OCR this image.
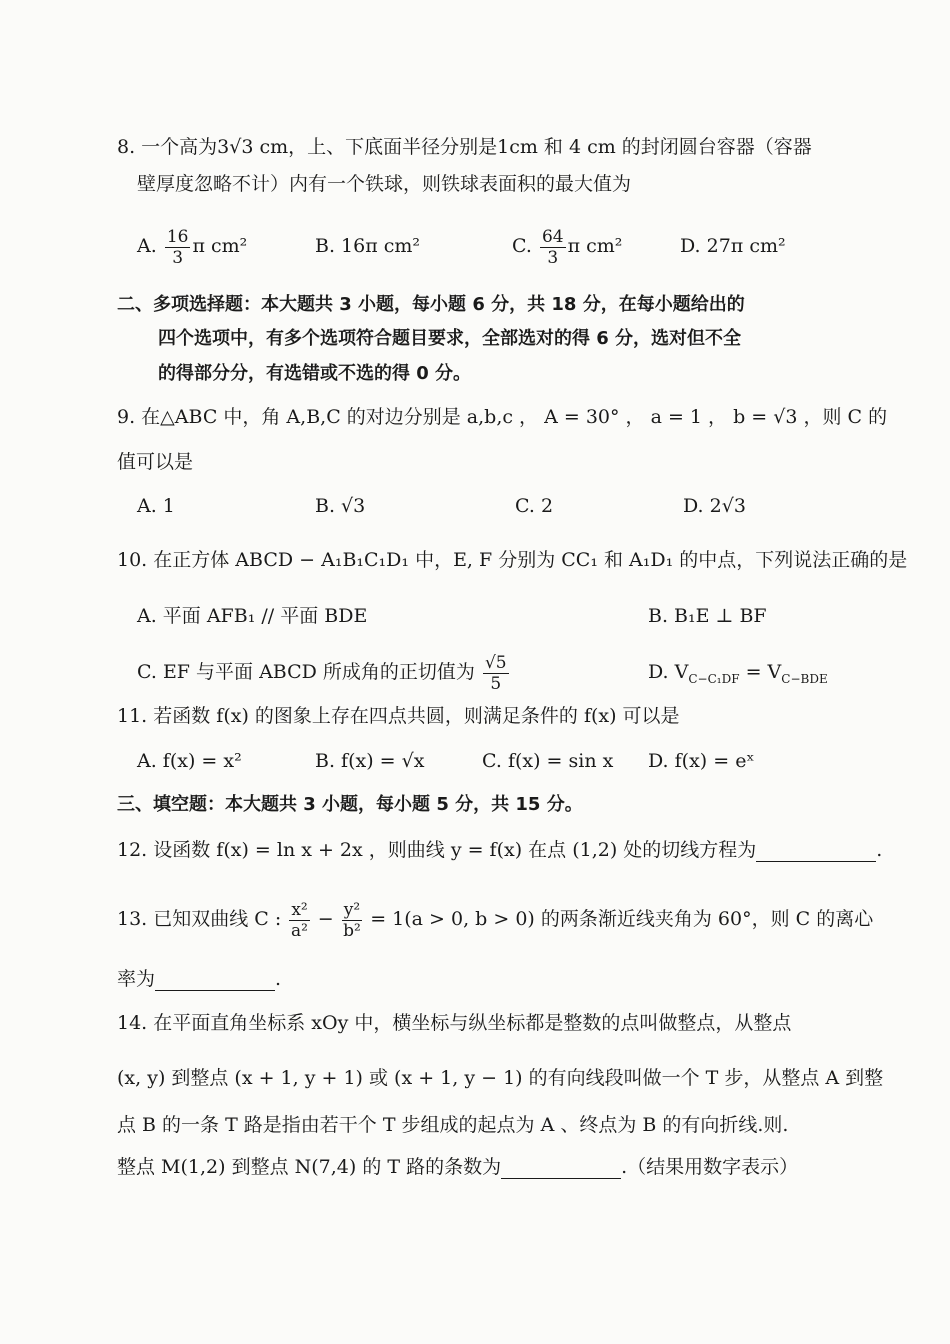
8. 一个高为3√3 cm，上、下底面半径分别是1cm 和 4 cm 的封闭圆台容器（容器
壁厚度忽略不计）内有一个铁球，则铁球表面积的最大值为
A. $\frac{16}{3}$ π cm²	B. 16π cm²	C. $\frac{64}{3}$ π cm²	D. 27π cm²
二、多项选择题：本大题共 3 小题，每小题 6 分，共 18 分，在每小题给出的
四个选项中，有多个选项符合题目要求，全部选对的得 6 分，选对但不全
的得部分分，有选错或不选的得 0 分。
9. 在△ABC 中，角 A,B,C 的对边分别是 a,b,c ， A = 30° ， a = 1 ， b = √3 ，则 C 的
值可以是
A. 1	B. √3	C. 2	D. 2√3
10. 在正方体 ABCD − A₁B₁C₁D₁ 中，E, F 分别为 CC₁ 和 A₁D₁ 的中点，下列说法正确的是
A. 平面 AFB₁ // 平面 BDE	B. B₁E ⊥ BF
C. EF 与平面 ABCD 所成角的正切值为 $\frac{√5}{5}$	D. $V_{C-C_1DF} = V_{C-BDE}$
11. 若函数 f(x) 的图象上存在四点共圆，则满足条件的 f(x) 可以是
A. f(x) = x²	B. f(x) = √x	C. f(x) = sin x D. f(x) = eˣ
三、填空题：本大题共 3 小题，每小题 5 分，共 15 分。
12. 设函数 f(x) = ln x + 2x ，则曲线 y = f(x) 在点 (1,2) 处的切线方程为	.
13. 已知双曲线 C : $\frac{\text{x²}}{\text{a²}} - \frac{\text{y²}}{\text{b²}} = 1(a > 0$, b > 0) 的两条渐近线夹角为 60°，则 C 的离心
率为	.
14. 在平面直角坐标系 xOy 中，横坐标与纵坐标都是整数的点叫做整点，从整点
(x, y) 到整点 (x + 1, y + 1) 或 (x + 1, y − 1) 的有向线段叫做一个 T 步，从整点 A 到整
点 B 的一条 T 路是指由若干个 T 步组成的起点为 A 、终点为 B 的有向折线.则.
整点 M(1,2) 到整点 N(7,4) 的 T 路的条数为	.（结果用数字表示）
